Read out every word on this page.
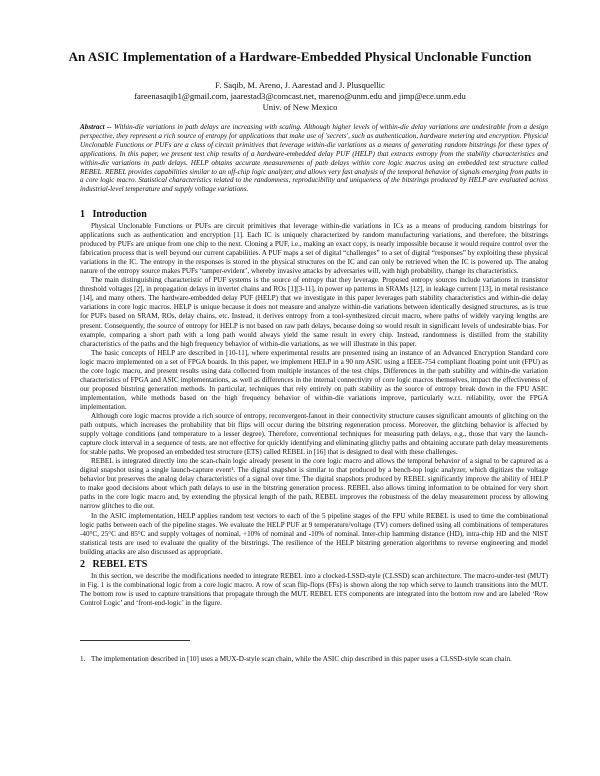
An ASIC Implementation of a Hardware-Embedded Physical Unclonable Function
F. Saqib, M. Areno, J. Aarestad and J. Plusquellic
fareenasaqib1@gmail.com, jaarestad3@comcast.net, mareno@unm.edu and jimp@ece.unm.edu
Univ. of New Mexico
Abstract -- Within-die variations in path delays are increasing with scaling. Although higher levels of within-die delay variations are undesirable from a design perspective, they represent a rich source of entropy for applications that make use of 'secrets', such as authentication, hardware metering and encryption. Physical Unclonable Functions or PUFs are a class of circuit primitives that leverage within-die variations as a means of generating random bitstrings for these types of applications. In this paper, we present test chip results of a hardware-embedded delay PUF (HELP) that extracts entropy from the stability characteristics and within-die variations in path delays. HELP obtains accurate measurements of path delays within core logic macros using an embedded test structure called REBEL. REBEL provides capabilities similar to an off-chip logic analyzer, and allows very fast analysis of the temporal behavior of signals emerging from paths in a core logic macro. Statistical characteristics related to the randomness, reproducibility and uniqueness of the bitstrings produced by HELP are evaluated across industrial-level temperature and supply voltage variations.
1 Introduction

Physical Unclonable Functions or PUFs are circuit primitives that leverage within-die variations in ICs as a means of producing random bitstrings for applications such as authentication and encryption [1]. Each IC is uniquely characterized by random manufacturing variations, and therefore, the bitstrings produced by PUFs are unique from one chip to the next. Cloning a PUF, i.e., making an exact copy, is nearly impossible because it would require control over the fabrication process that is well beyond our current capabilities. A PUF maps a set of digital “challenges” to a set of digital “responses” by exploiting these physical variations in the IC. The entropy in the responses is stored in the physical structures on the IC and can only be retrieved when the IC is powered up. The analog nature of the entropy source makes PUFs ‘tamper-evident’, whereby invasive attacks by adversaries will, with high probability, change its characteristics.

The main distinguishing characteristic of PUF systems is the source of entropy that they leverage. Proposed entropy sources include variations in transistor threshold voltages [2], in propagation delays in inverter chains and ROs [1][3-11], in power up patterns in SRAMs [12], in leakage current [13], in metal resistance [14], and many others. The hardware-embedded delay PUF (HELP) that we investigate in this paper leverages path stability characteristics and within-die delay variations in core logic macros. HELP is unique because it does not measure and analyze within-die variations between identically designed structures, as is true for PUFs based on SRAM, ROs, delay chains, etc. Instead, it derives entropy from a tool-synthesized circuit macro, where paths of widely varying lengths are present. Consequently, the source of entropy for HELP is not based on raw path delays, because doing so would result in significant levels of undesirable bias. For example, comparing a short path with a long path would always yield the same result in every chip. Instead, randomness is distilled from the stability characteristics of the paths and the high frequency behavior of within-die variations, as we will illustrate in this paper.

The basic concepts of HELP are described in [10-11], where experimental results are presented using an instance of an Advanced Encryption Standard core logic macro implemented on a set of FPGA boards. In this paper, we implement HELP in a 90 nm ASIC using a IEEE-754 compliant floating point unit (FPU) as the core logic macro, and present results using data collected from multiple instances of the test chips. Differences in the path stability and within-die variation characteristics of FPGA and ASIC implementations, as well as differences in the internal connectivity of core logic macros themselves, impact the effectiveness of our proposed bitstring generation methods. In particular, techniques that rely entirely on path stability as the source of entropy break down in the FPU ASIC implementation, while methods based on the high frequency behavior of within-die variations improve, particularly w.r.t. reliability, over the FPGA implementation.

Although core logic macros provide a rich source of entropy, reconvergent-fanout in their connectivity structure causes significant amounts of glitching on the path outputs, which increases the probability that bit flips will occur during the bitstring regeneration process. Moreover, the glitching behavior is affected by supply voltage conditions (and temperature to a lesser degree). Therefore, conventional techniques for measuring path delays, e.g., those that vary the launch-capture clock interval in a sequence of tests, are not effective for quickly identifying and eliminating glitchy paths and obtaining accurate path delay measurements for stable paths. We proposed an embedded test structure (ETS) called REBEL in [16] that is designed to deal with these challenges.

REBEL is integrated directly into the scan-chain logic already present in the core logic macro and allows the temporal behavior of a signal to be captured as a digital snapshot using a single launch-capture event¹. The digital snapshot is similar to that produced by a bench-top logic analyzer, which digitizes the voltage behavior but preserves the analog delay characteristics of a signal over time. The digital snapshots produced by REBEL significantly improve the ability of HELP to make good decisions about which path delays to use in the bitstring generation process. REBEL also allows timing information to be obtained for very short paths in the core logic macro and, by extending the physical length of the path, REBEL improves the robustness of the delay measurement process by allowing narrow glitches to die out.

In the ASIC implementation, HELP applies random test vectors to each of the 5 pipeline stages of the FPU while REBEL is used to time the combinational logic paths between each of the pipeline stages. We evaluate the HELP PUF at 9 temperature/voltage (TV) corners defined using all combinations of temperatures -40°C, 25°C and 85°C and supply voltages of nominal, +10% of nominal and -10% of nominal. Inter-chip hamming distance (HD), intra-chip HD and the NIST statistical tests are used to evaluate the quality of the bitstrings. The resilience of the HELP bitstring generation algorithms to reverse engineering and model building attacks are also discussed as appropriate.

2 REBEL ETS

In this section, we describe the modifications needed to integrate REBEL into a clocked-LSSD-style (CLSSD) scan architecture. The macro-under-test (MUT) in Fig. 1 is the combinational logic from a core logic macro. A row of scan flip-flops (FFs) is shown along the top which serve to launch transitions into the MUT. The bottom row is used to capture transitions that propagate through the MUT. REBEL ETS components are integrated into the bottom row and are labeled ‘Row Control Logic’ and ‘front-end-logic’ in the figure.

1. The implementation described in [10] uses a MUX-D-style scan chain, while the ASIC chip described in this paper uses a CLSSD-style scan chain.
